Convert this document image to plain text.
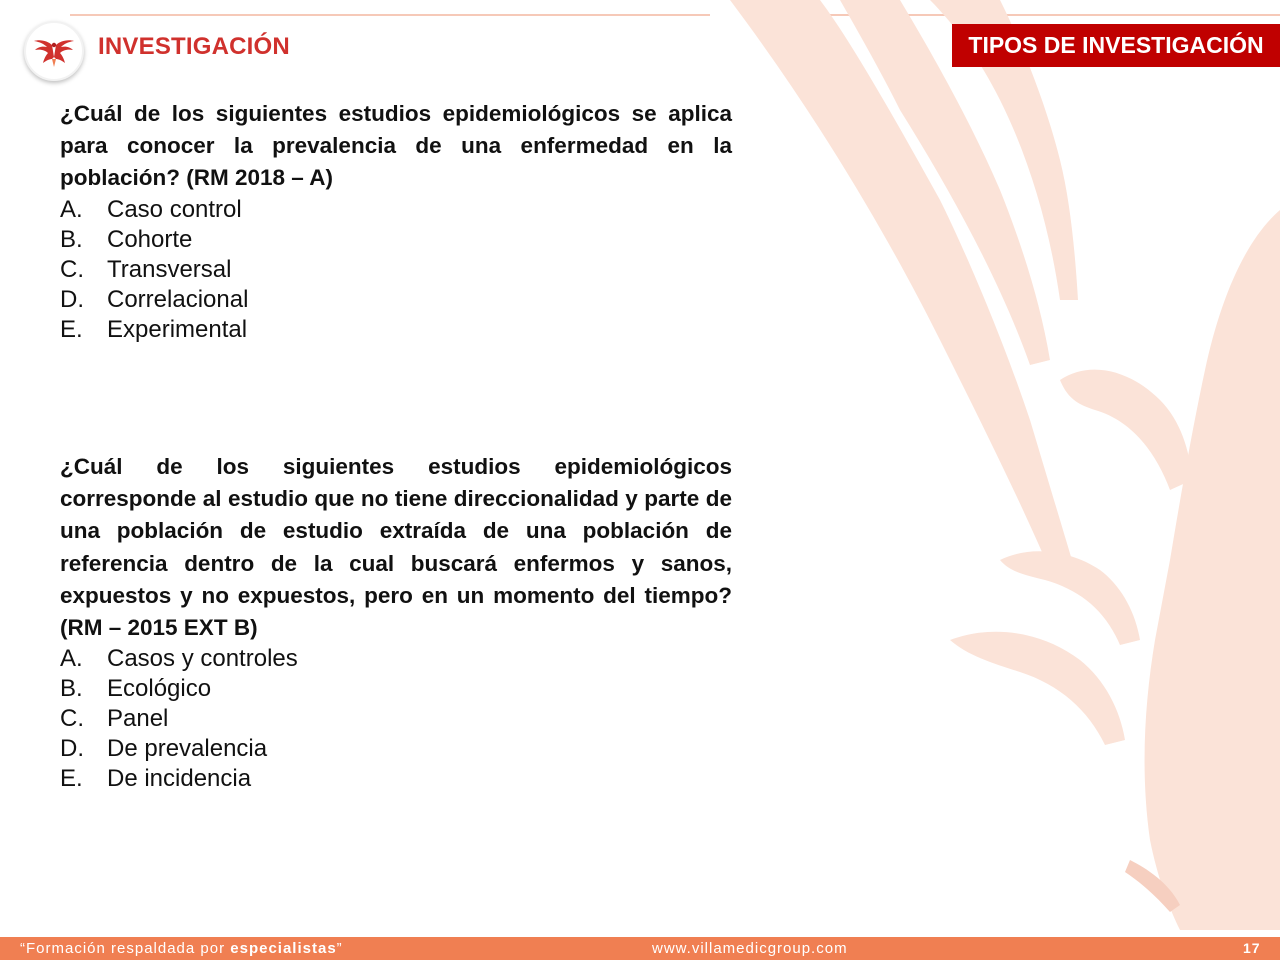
INVESTIGACIÓN	TIPOS DE INVESTIGACIÓN

¿Cuál de los siguientes estudios epidemiológicos se aplica para conocer la prevalencia de una enfermedad en la población? (RM 2018 – A)

A.	Caso control
B.	Cohorte
C. Transversal
D. Correlacional
E.	Experimental

¿Cuál de los siguientes estudios epidemiológicos corresponde al estudio que no tiene direccionalidad y parte de una población de estudio extraída de una población de referencia dentro de la cual buscará enfermos y sanos, expuestos y no expuestos, pero en un momento del tiempo? (RM – 2015 EXT B)

A.	Casos y controles
B.	Ecológico
C. Panel
D. De prevalencia
E.	De incidencia
“Formación respaldada por especialistas”	www.villamedicgroup.com	17
